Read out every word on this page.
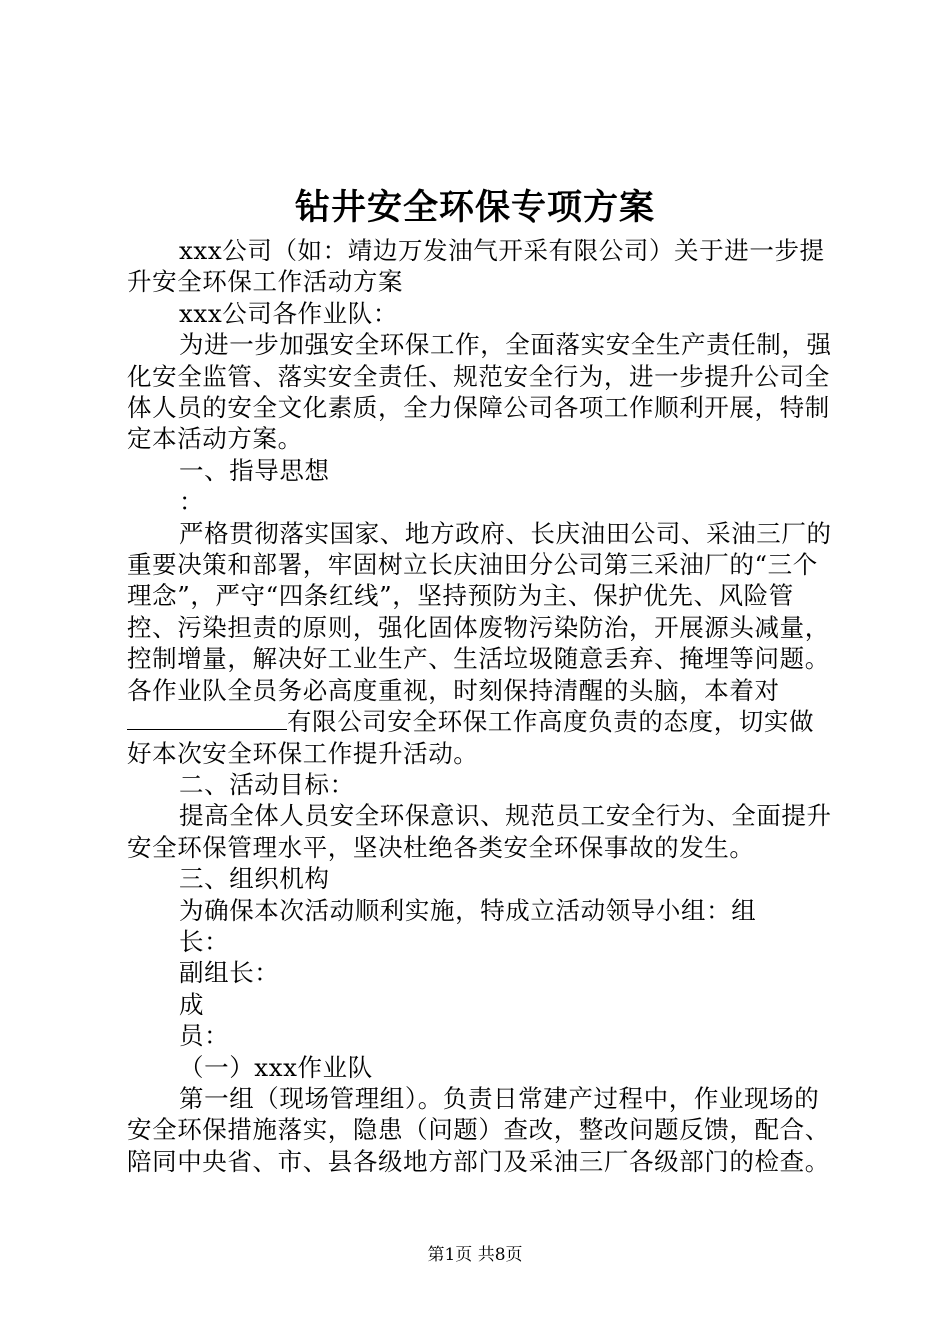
钻井安全环保专项方案

xxx公司（如：靖边万发油气开采有限公司）关于进一步提升安全环保工作活动方案

xxx公司各作业队：

为进一步加强安全环保工作，全面落实安全生产责任制，强化安全监管、落实安全责任、规范安全行为，进一步提升公司全体人员的安全文化素质，全力保障公司各项工作顺利开展，特制定本活动方案。

一、指导思想

：

严格贯彻落实国家、地方政府、长庆油田公司、采油三厂的重要决策和部署，牢固树立长庆油田分公司第三采油厂的“三个理念”，严守“四条红线”，坚持预防为主、保护优先、风险管控、污染担责的原则，强化固体废物污染防治，开展源头减量，控制增量，解决好工业生产、生活垃圾随意丢弃、掩埋等问题。各作业队全员务必高度重视，时刻保持清醒的头脑，本着对有限公司安全环保工作高度负责的态度，切实做好本次安全环保工作提升活动。

二、活动目标：

提高全体人员安全环保意识、规范员工安全行为、全面提升安全环保管理水平，坚决杜绝各类安全环保事故的发生。

三、组织机构

为确保本次活动顺利实施，特成立活动领导小组：组

长：

副组长：

成

员：

（一）xxx作业队

第一组（现场管理组）。负责日常建产过程中，作业现场的安全环保措施落实，隐患（问题）查改，整改问题反馈，配合、陪同中央省、市、县各级地方部门及采油三厂各级部门的检查。

第1页 共8页
